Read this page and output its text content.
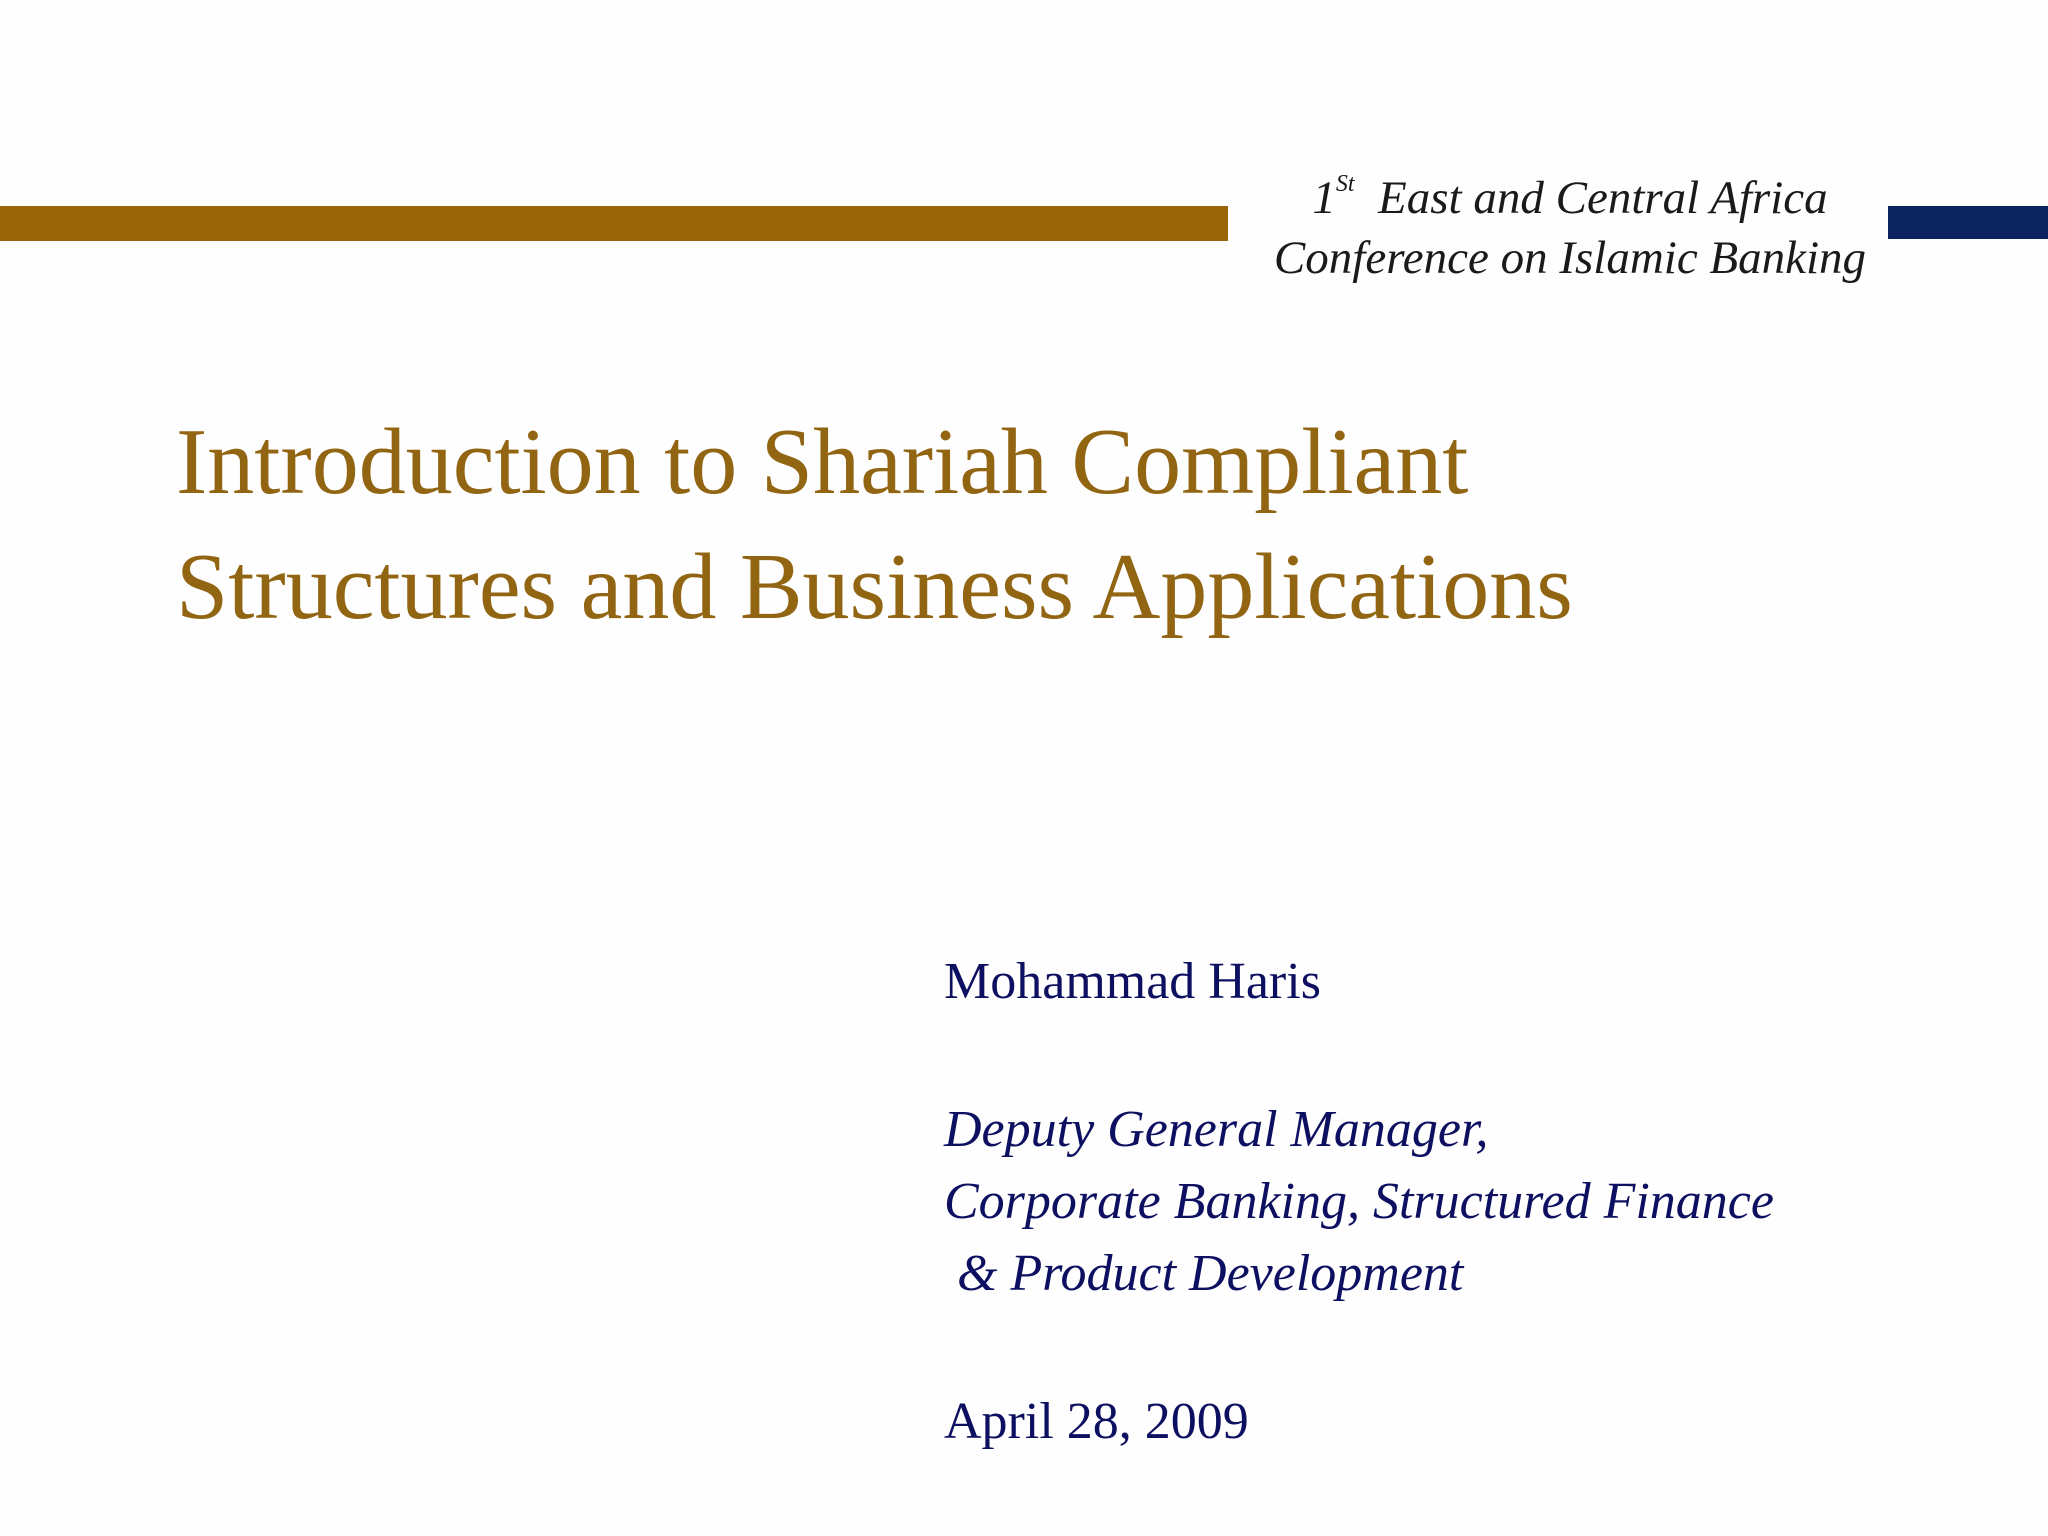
1St East and Central Africa
Conference on Islamic Banking
Introduction to Shariah Compliant
Structures and Business Applications
Mohammad Haris
Deputy General Manager,
Corporate Banking, Structured Finance
& Product Development
April 28, 2009
